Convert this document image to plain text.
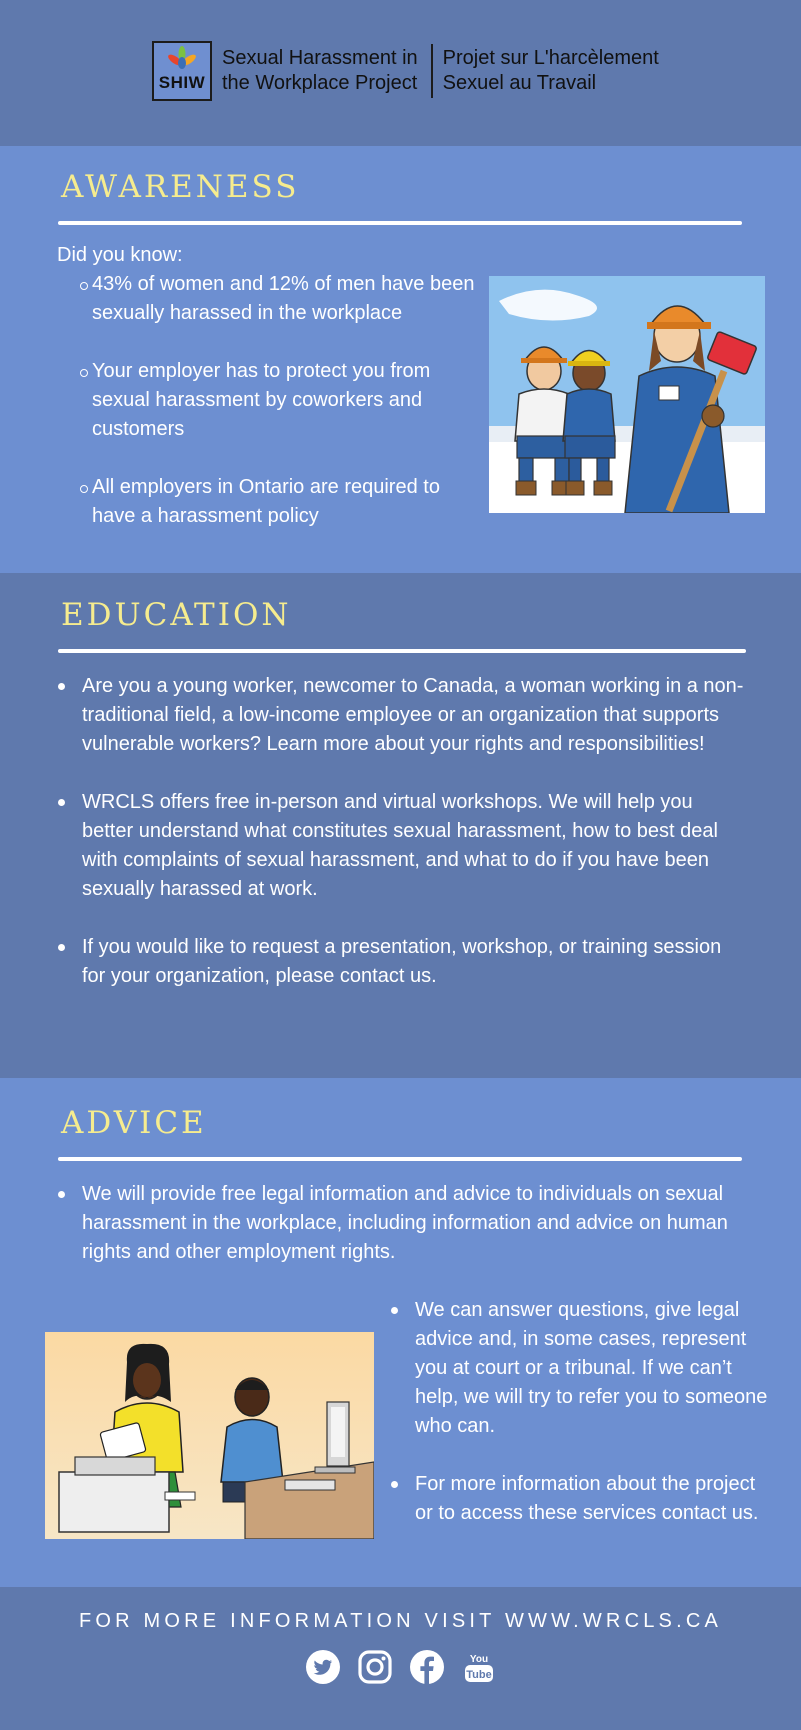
SHIW
Sexual Harassment in
the Workplace Project
Projet sur L'harcèlement
Sexuel au Travail
AWARENESS
Did you know:
43% of women and 12% of men have been sexually harassed in the workplace
Your employer has to protect you from sexual harassment by coworkers and customers
All employers in Ontario are required to have a harassment policy
EDUCATION
Are you a young worker, newcomer to Canada, a woman working in a non-traditional field, a low-income employee or an organization that supports vulnerable workers? Learn more about your rights and responsibilities!
WRCLS offers free in-person and virtual workshops. We will help you better understand what constitutes sexual harassment, how to best deal with complaints of sexual harassment, and what to do if you have been sexually harassed at work.
If you would like to request a presentation, workshop, or training session for your organization, please contact us.
ADVICE
We will provide free legal information and advice to individuals on sexual harassment in the workplace, including information and advice on human rights and other employment rights.
We can answer questions, give legal advice and, in some cases, represent you at court or a tribunal. If we can’t help, we will try to refer you to someone who can.
For more information about the project or to access these services contact us.
FOR MORE INFORMATION VISIT WWW.WRCLS.CA
You
Tube
